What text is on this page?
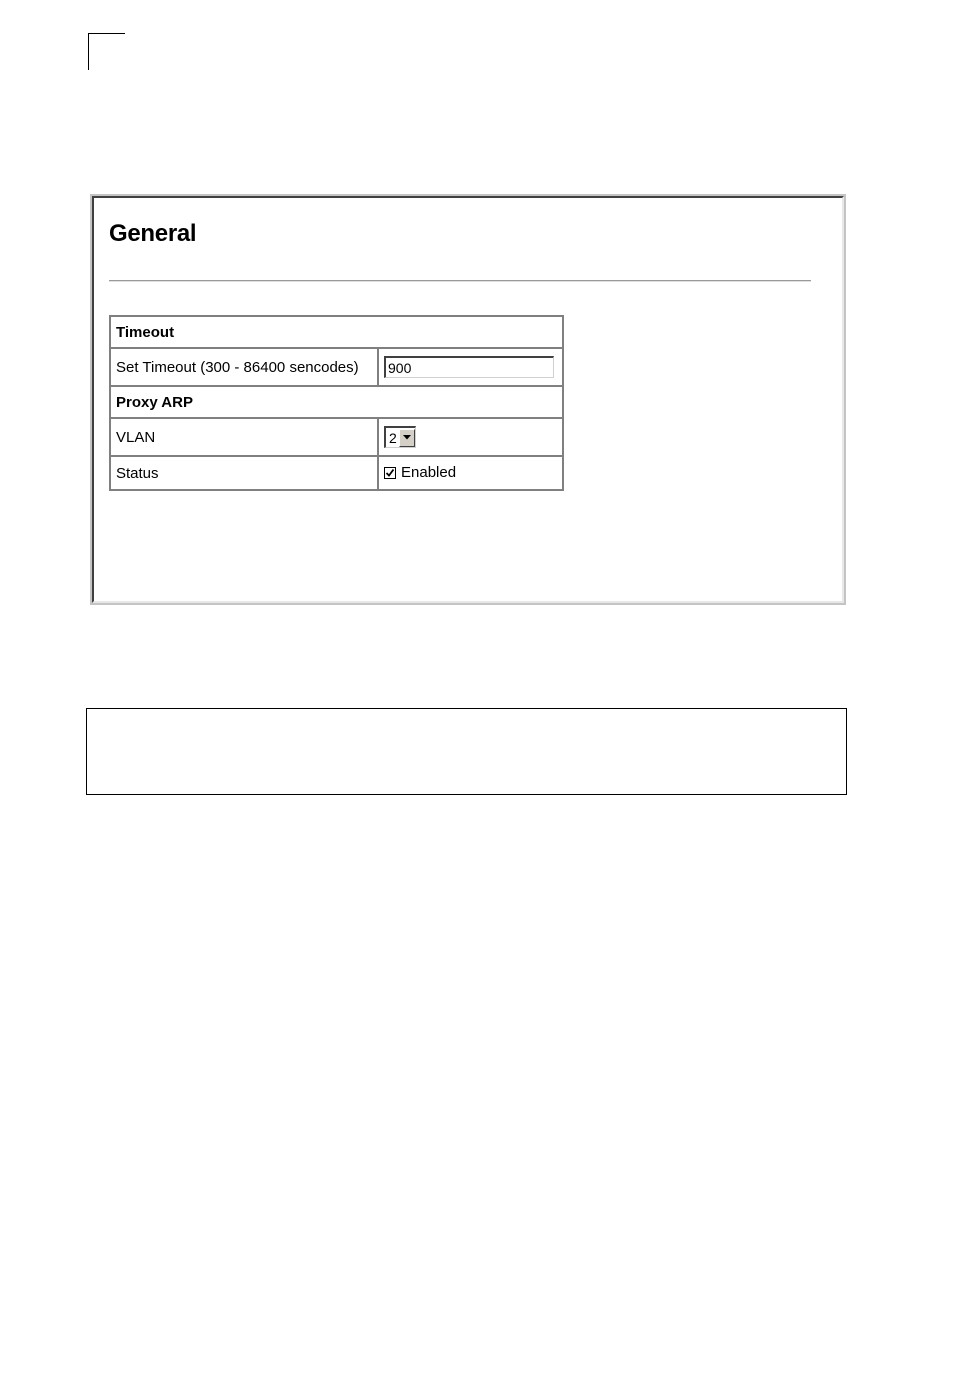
General
Timeout	
Set Timeout (300 - 86400 sencodes)	900
Proxy ARP	
VLAN	2

Status	Enabled
